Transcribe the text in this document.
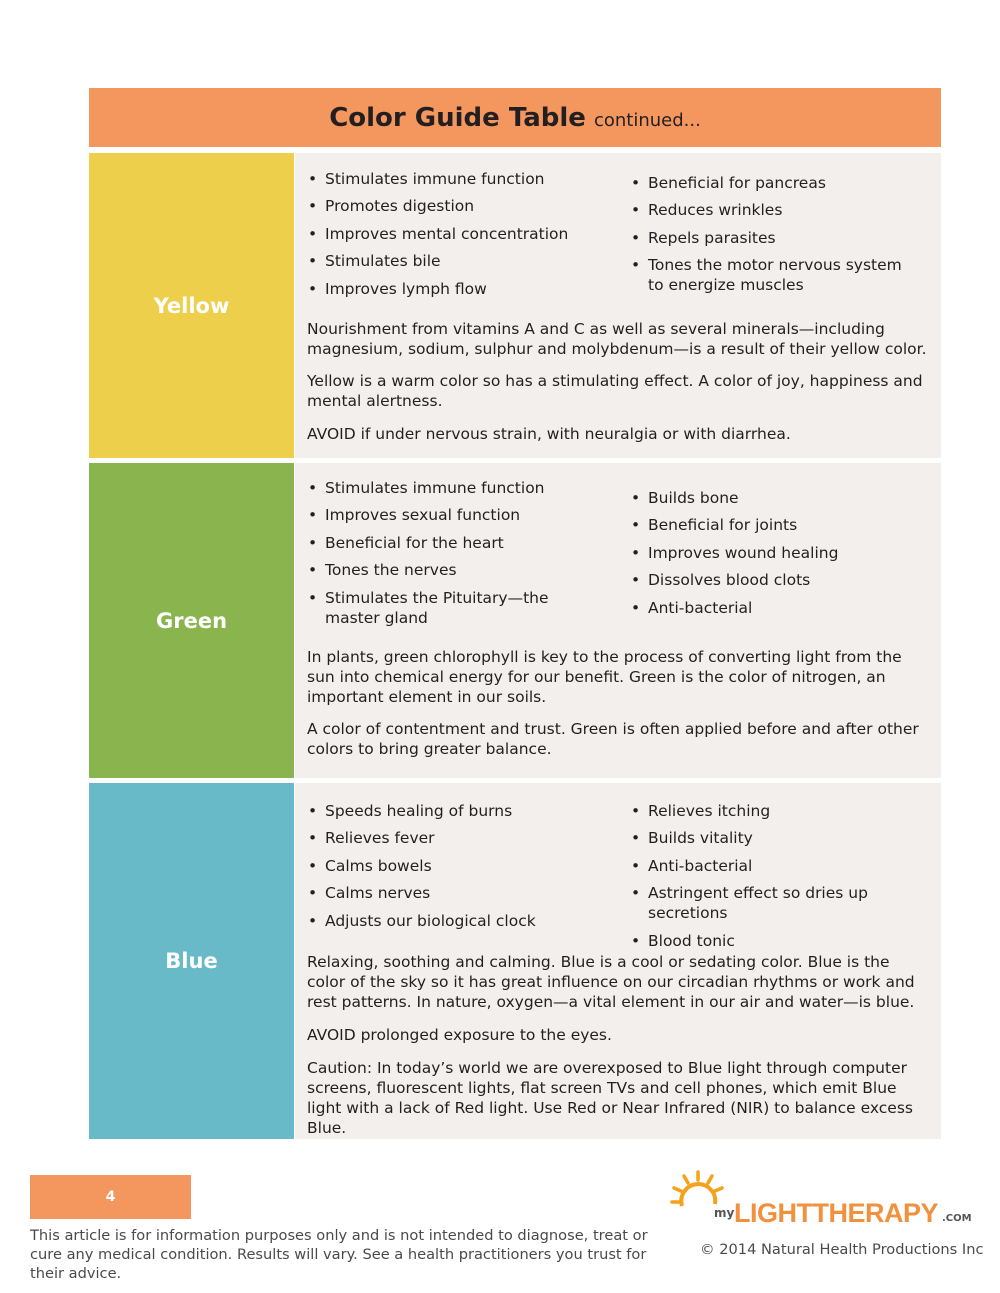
Color Guide Table continued...
Yellow
• Stimulates immune function
• Promotes digestion
• Improves mental concentration
• Stimulates bile
• Improves lymph flow
• Beneficial for pancreas
• Reduces wrinkles
• Repels parasites
• Tones the motor nervous system to energize muscles

Nourishment from vitamins A and C as well as several minerals—including magnesium, sodium, sulphur and molybdenum—is a result of their yellow color.

Yellow is a warm color so has a stimulating effect. A color of joy, happiness and mental alertness.

AVOID if under nervous strain, with neuralgia or with diarrhea.

Green
• Stimulates immune function
• Improves sexual function
• Beneficial for the heart
• Tones the nerves
• Stimulates the Pituitary—the master gland
• Builds bone
• Beneficial for joints
• Improves wound healing
• Dissolves blood clots
• Anti-bacterial

In plants, green chlorophyll is key to the process of converting light from the sun into chemical energy for our benefit. Green is the color of nitrogen, an important element in our soils.

A color of contentment and trust. Green is often applied before and after other colors to bring greater balance.

Blue
• Speeds healing of burns
• Relieves fever
• Calms bowels
• Calms nerves
• Adjusts our biological clock
• Relieves itching
• Builds vitality
• Anti-bacterial
• Astringent effect so dries up secretions
• Blood tonic

Relaxing, soothing and calming. Blue is a cool or sedating color. Blue is the color of the sky so it has great influence on our circadian rhythms or work and rest patterns. In nature, oxygen—a vital element in our air and water—is blue.

AVOID prolonged exposure to the eyes.

Caution: In today’s world we are overexposed to Blue light through computer screens, fluorescent lights, flat screen TVs and cell phones, which emit Blue light with a lack of Red light. Use Red or Near Infrared (NIR) to balance excess Blue.

4
This article is for information purposes only and is not intended to diagnose, treat or cure any medical condition. Results will vary. See a health practitioners you trust for their advice.
my LIGHTTHERAPY .COM
© 2014 Natural Health Productions Inc
